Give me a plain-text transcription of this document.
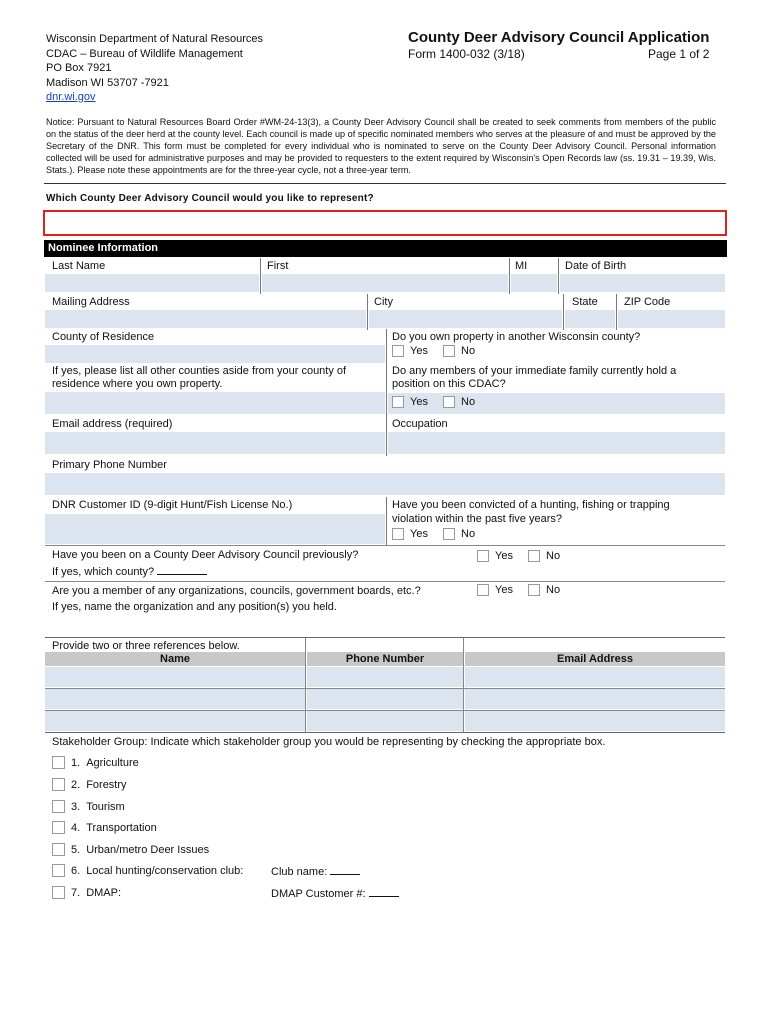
Wisconsin Department of Natural Resources
CDAC – Bureau of Wildlife Management
PO Box 7921
Madison WI 53707 -7921
dnr.wi.gov
County Deer Advisory Council Application
Form 1400-032 (3/18)	Page 1 of 2
Notice: Pursuant to Natural Resources Board Order #WM-24-13(3), a County Deer Advisory Council shall be created to seek comments from members of the public on the status of the deer herd at the county level. Each council is made up of specific nominated members who serves at the pleasure of and must be approved by the Secretary of the DNR. This form must be completed for every individual who is nominated to serve on the County Deer Advisory Council. Personal information collected will be used for administrative purposes and may be provided to requesters to the extent required by Wisconsin's Open Records law (ss. 19.31 – 19.39, Wis. Stats.). Please note these appointments are for the three-year cycle, not a three-year term.
Which County Deer Advisory Council would you like to represent?
Nominee Information
Last Name	First	MI	Date of Birth
Mailing Address	City	State ZIP Code
County of Residence	Do you own property in another Wisconsin county?
Yes	No
If yes, please list all other counties aside from your county of
residence where you own property.
Do any members of your immediate family currently hold a
position on this CDAC?
Yes	No
Email address (required)	Occupation
Primary Phone Number
DNR Customer ID (9-digit Hunt/Fish License No.)	Have you been convicted of a hunting, fishing or trapping
violation within the past five years?
Yes	No
Have you been on a County Deer Advisory Council previously?
If yes, which county?
Yes	No
Are you a member of any organizations, councils, government boards, etc.?
If yes, name the organization and any position(s) you held.
Yes	No
Provide two or three references below.
Name	Phone Number	Email Address
Stakeholder Group: Indicate which stakeholder group you would be representing by checking the appropriate box.
1. Agriculture
2. Forestry
3. Tourism
4. Transportation
5. Urban/metro Deer Issues
6. Local hunting/conservation club:	Club name:
7. DMAP:	DMAP Customer #:
